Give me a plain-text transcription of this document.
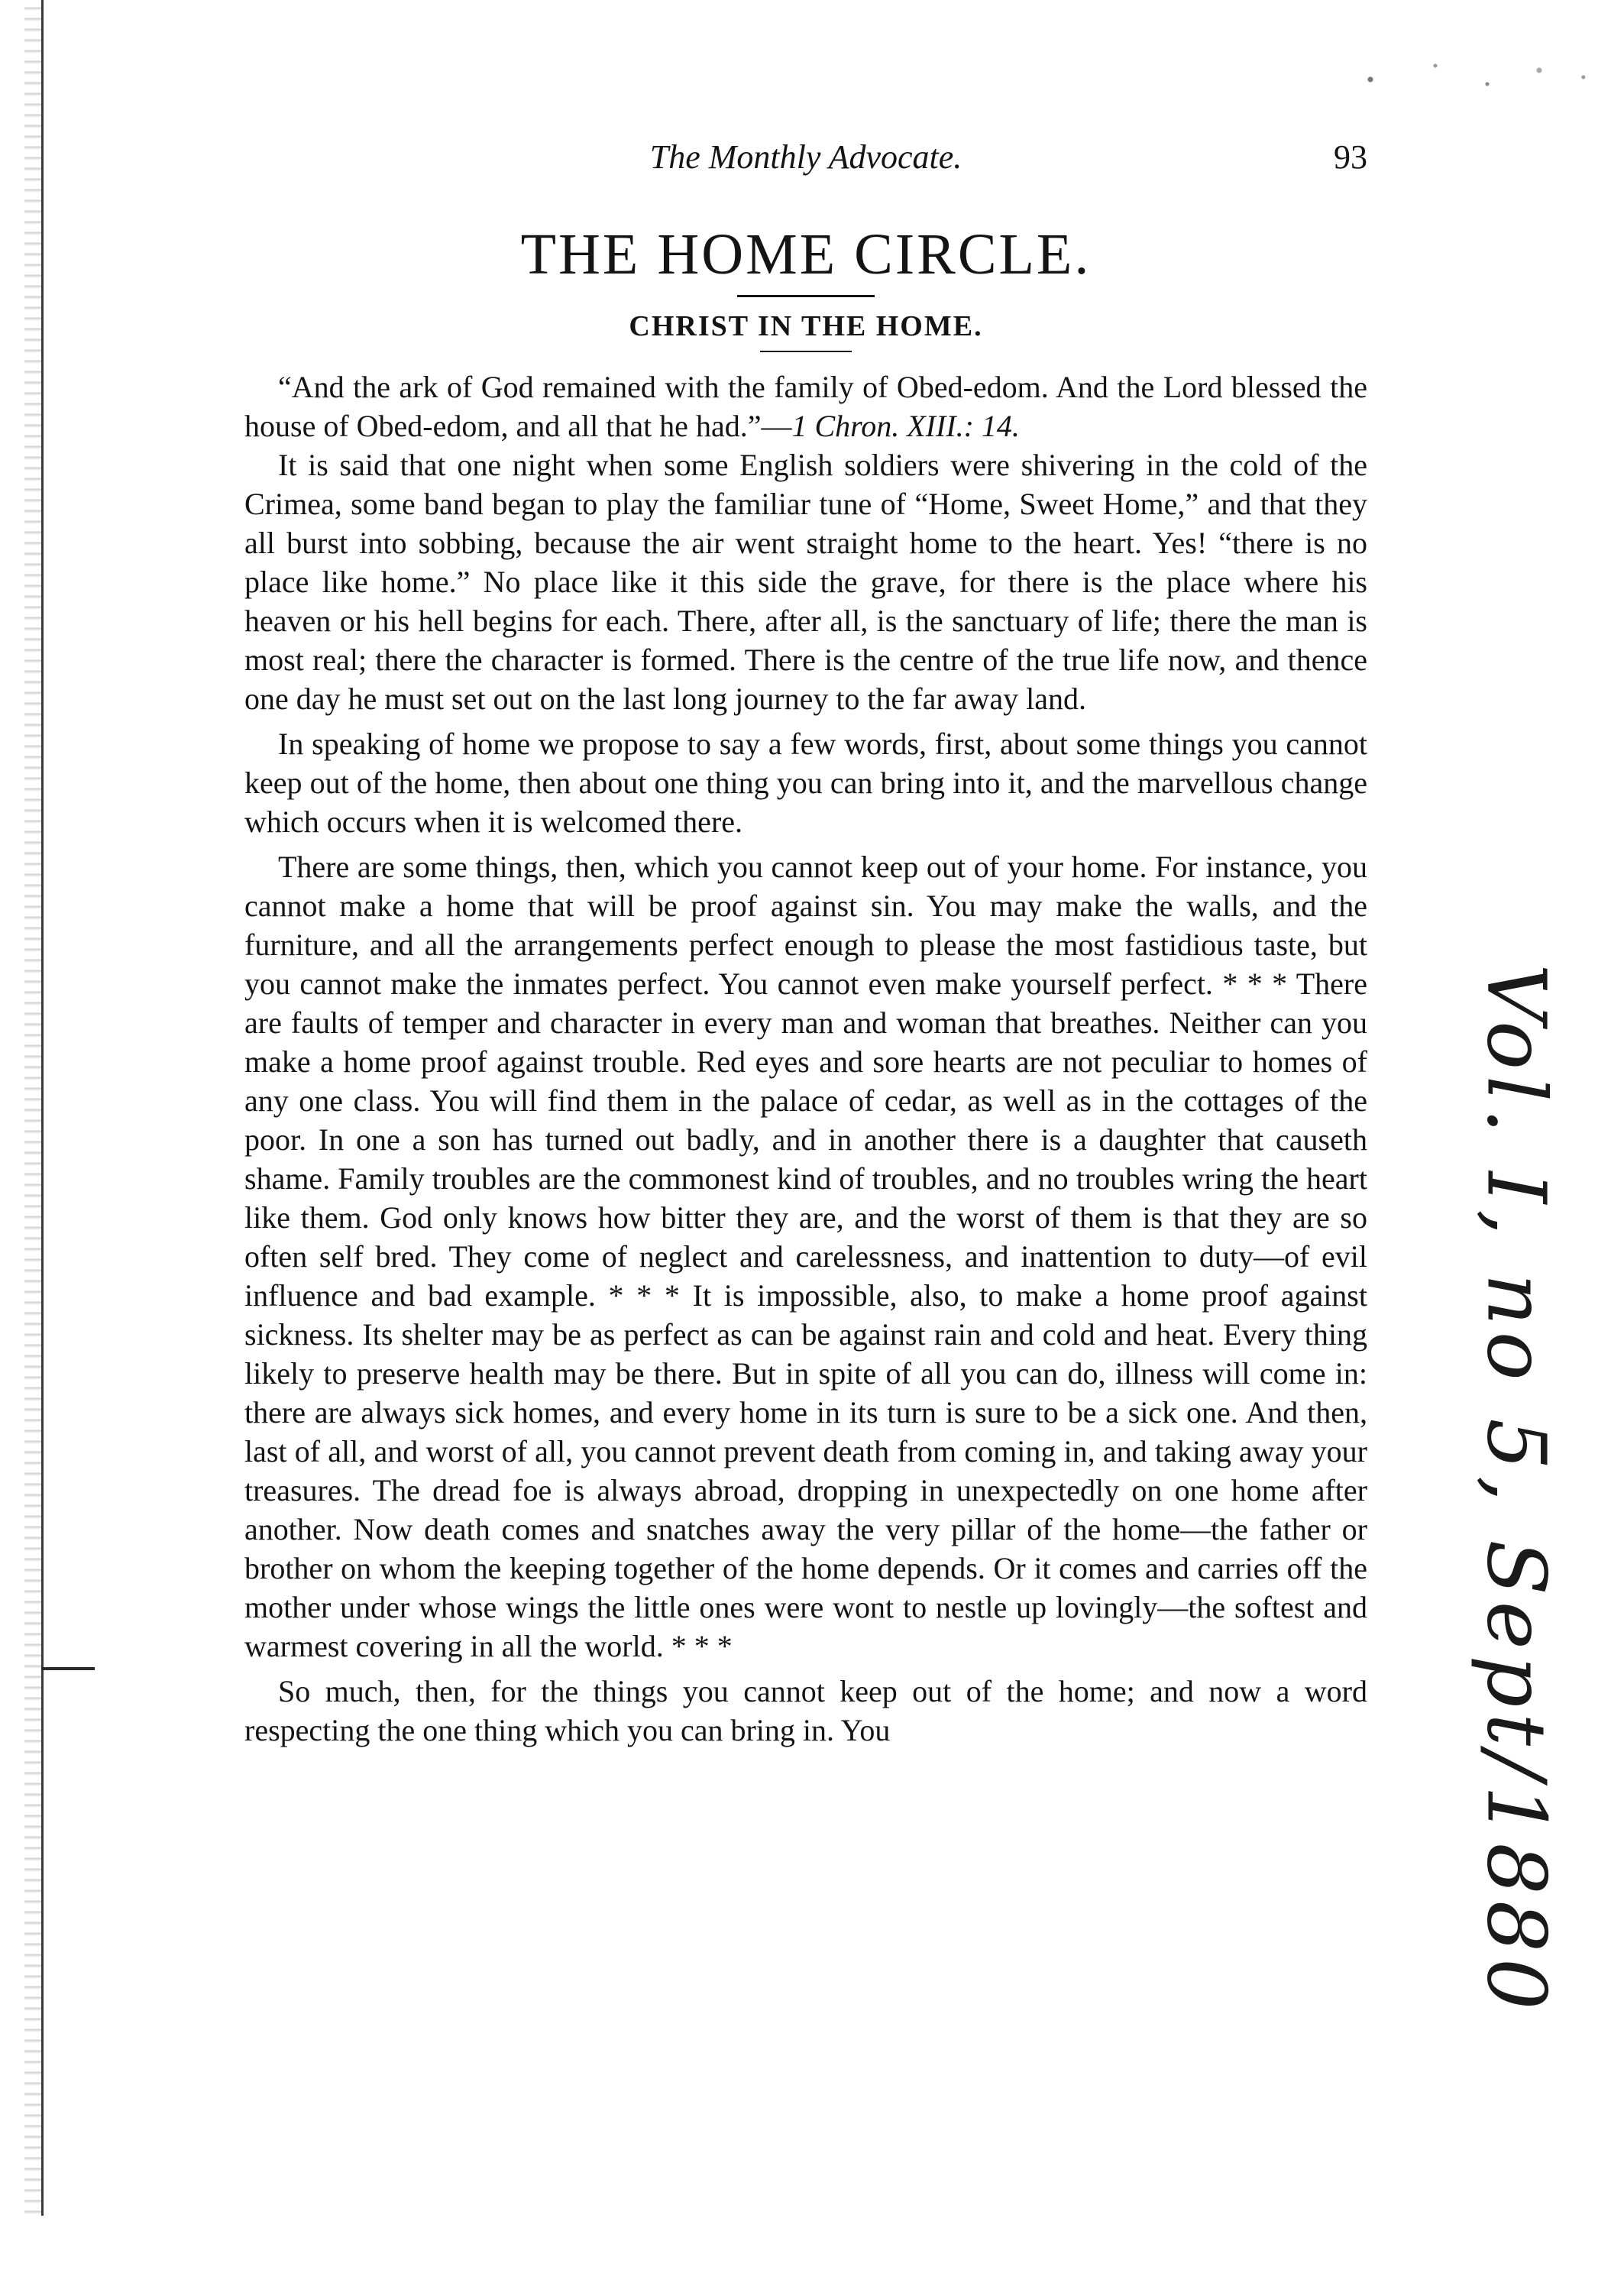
The Monthly Advocate.	93
THE HOME CIRCLE.
CHRIST IN THE HOME.

“And the ark of God remained with the family of Obed-edom. And the Lord blessed the house of Obed-edom, and all that he had.”—1 Chron. XIII.: 14.

It is said that one night when some English soldiers were shivering in the cold of the Crimea, some band began to play the familiar tune of “Home, Sweet Home,” and that they all burst into sobbing, because the air went straight home to the heart. Yes! “there is no place like home.” No place like it this side the grave, for there is the place where his heaven or his hell begins for each. There, after all, is the sanctuary of life; there the man is most real; there the character is formed. There is the centre of the true life now, and thence one day he must set out on the last long journey to the far away land.

In speaking of home we propose to say a few words, first, about some things you cannot keep out of the home, then about one thing you can bring into it, and the marvellous change which occurs when it is welcomed there.

There are some things, then, which you cannot keep out of your home. For instance, you cannot make a home that will be proof against sin. You may make the walls, and the furniture, and all the arrangements perfect enough to please the most fastidious taste, but you cannot make the inmates perfect. You cannot even make yourself perfect. * * * There are faults of temper and character in every man and woman that breathes. Neither can you make a home proof against trouble. Red eyes and sore hearts are not peculiar to homes of any one class. You will find them in the palace of cedar, as well as in the cottages of the poor. In one a son has turned out badly, and in another there is a daughter that causeth shame. Family troubles are the commonest kind of troubles, and no troubles wring the heart like them. God only knows how bitter they are, and the worst of them is that they are so often self bred. They come of neglect and carelessness, and inattention to duty—of evil influence and bad example. * * * It is impossible, also, to make a home proof against sickness. Its shelter may be as perfect as can be against rain and cold and heat. Every thing likely to preserve health may be there. But in spite of all you can do, illness will come in: there are always sick homes, and every home in its turn is sure to be a sick one. And then, last of all, and worst of all, you cannot prevent death from coming in, and taking away your treasures. The dread foe is always abroad, dropping in unexpectedly on one home after another. Now death comes and snatches away the very pillar of the home—the father or brother on whom the keeping together of the home depends. Or it comes and carries off the mother under whose wings the little ones were wont to nestle up lovingly—the softest and warmest covering in all the world. * * *

So much, then, for the things you cannot keep out of the home; and now a word respecting the one thing which you can bring in. You	Vol. I, no 5, Sept/1880
